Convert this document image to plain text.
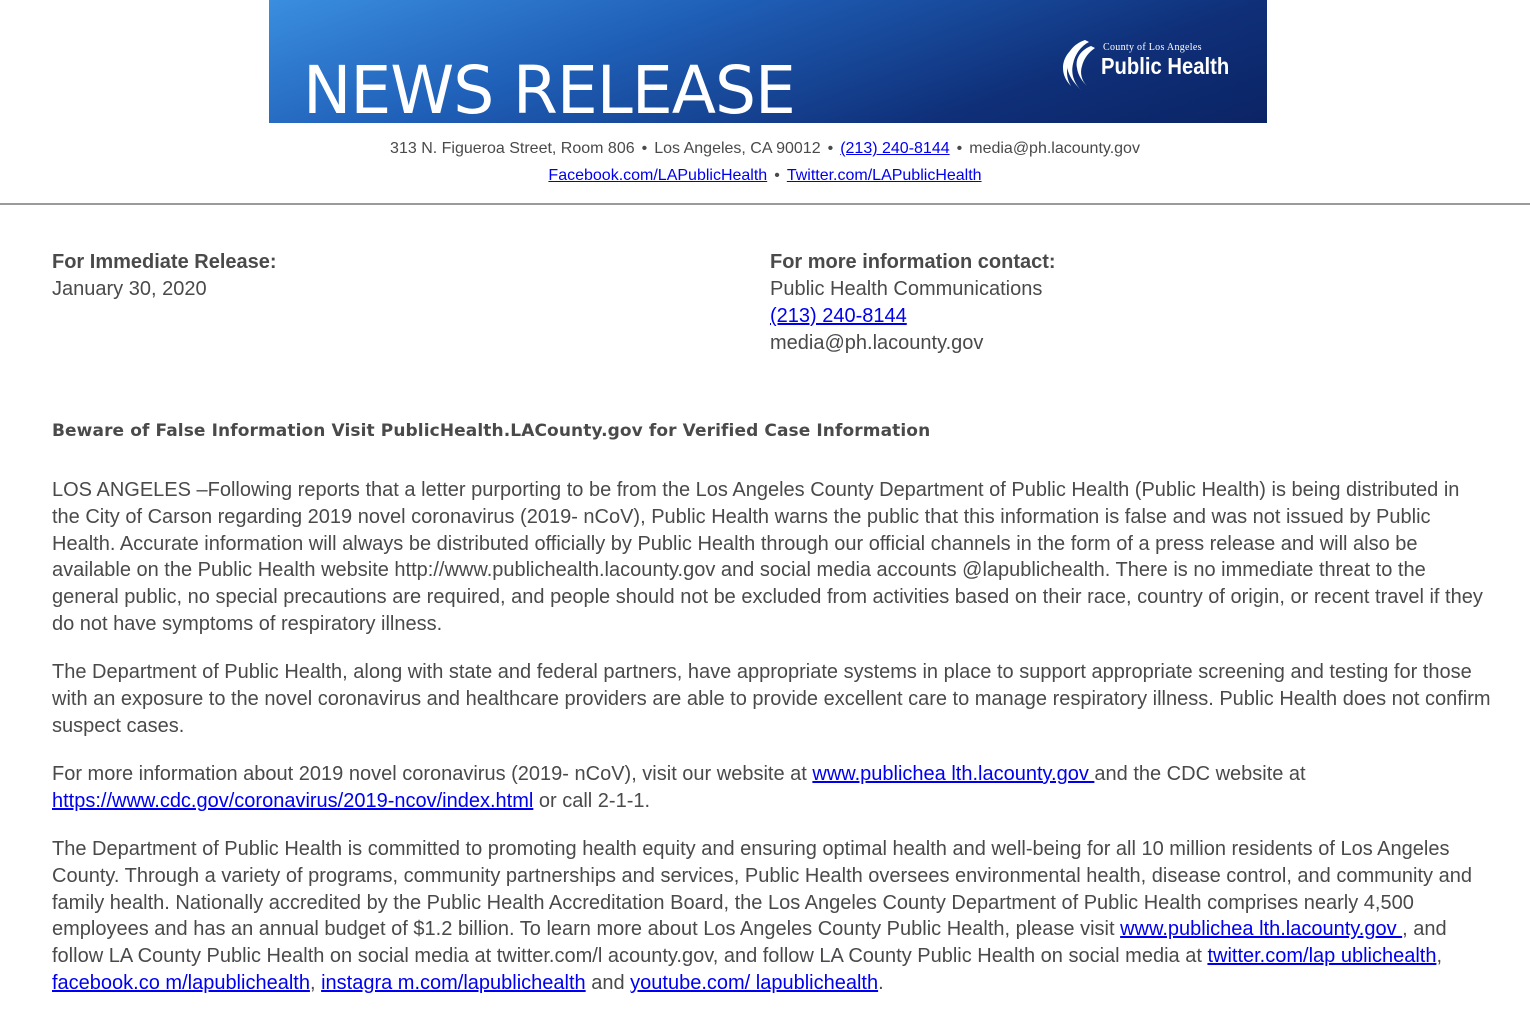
NEWS RELEASE
County of Los Angeles
Public Health
313 N. Figueroa Street, Room 806 • Los Angeles, CA 90012 • (213) 240-8144 • media@ph.lacounty.gov
Facebook.com/LAPublicHealth • Twitter.com/LAPublicHealth
For Immediate Release:
January 30, 2020
For more information contact:
Public Health Communications
(213) 240-8144
media@ph.lacounty.gov
Beware of False Information Visit PublicHealth.LACounty.gov for Verified Case Information

LOS ANGELES –Following reports that a letter purporting to be from the Los Angeles County Department of Public Health (Public Health) is being distributed in the City of Carson regarding 2019 novel coronavirus (2019- nCoV), Public Health warns the public that this information is false and was not issued by Public Health. Accurate information will always be distributed officially by Public Health through our official channels in the form of a press release and will also be available on the Public Health website http://www.publichealth.lacounty.gov and social media accounts @lapublichealth. There is no immediate threat to the general public, no special precautions are required, and people should not be excluded from activities based on their race, country of origin, or recent travel if they do not have symptoms of respiratory illness.

The Department of Public Health, along with state and federal partners, have appropriate systems in place to support appropriate screening and testing for those with an exposure to the novel coronavirus and healthcare providers are able to provide excellent care to manage respiratory illness. Public Health does not confirm suspect cases.

For more information about 2019 novel coronavirus (2019- nCoV), visit our website at www.publichea lth.lacounty.gov and the CDC website at https://www.cdc.gov/coronavirus/2019-ncov/index.html or call 2-1-1.

The Department of Public Health is committed to promoting health equity and ensuring optimal health and well-being for all 10 million residents of Los Angeles County. Through a variety of programs, community partnerships and services, Public Health oversees environmental health, disease control, and community and family health. Nationally accredited by the Public Health Accreditation Board, the Los Angeles County Department of Public Health comprises nearly 4,500 employees and has an annual budget of $1.2 billion. To learn more about Los Angeles County Public Health, please visit www.publichea lth.lacounty.gov , and follow LA County Public Health on social media at twitter.com/l acounty.gov, and follow LA County Public Health on social media at twitter.com/lap ublichealth, facebook.co m/lapublichealth, instagra m.com/lapublichealth and youtube.com/ lapublichealth.
